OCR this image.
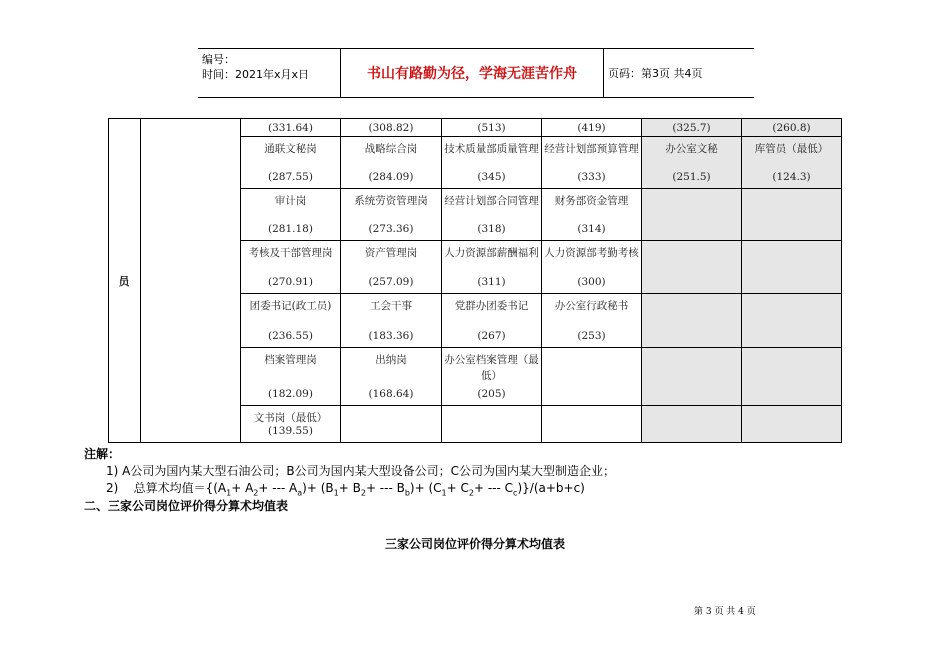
编号：
时间：2021年x月x日	书山有路勤为径，学海无涯苦作舟	页码：第3页 共4页
文书岗（最低）
(139.55)
办公室档案管理（最低）
(205)
出纳岗
(168.64)
档案管理岗
(182.09)
办公室行政秘书
(253)
党群办团委书记
(267)
工会干事
(183.36)
团委书记(政工员)
(236.55)
人力资源部考勤考核
(300)
人力资源部薪酬福利
(311)
资产管理岗
(257.09)
考核及干部管理岗
(270.91)
财务部资金管理
(314)
经营计划部合同管理
(318)
系统劳资管理岗
(273.36)
审计岗
(281.18)
库管员（最低）
(124.3)
办公室文秘
(251.5)
经营计划部预算管理
(333)
技术质量部质量管理
(345)
战略综合岗
(284.09)
通联文秘岗
(287.55)
(260.8)
(325.7)
(419)
(513)
(308.82)
(331.64)
员
注解：
1) A公司为国内某大型石油公司；B公司为国内某大型设备公司；C公司为国内某大型制造企业；
2)    总算术均值$=\{(A_1+ A_2+$ --- $A_a)+ (B_1+ B_2+$ --- $B_b)+ (C_1+ C_2+$ --- $C_c)\}/(a+b+c)$
二、三家公司岗位评价得分算术均值表
三家公司岗位评价得分算术均值表
第 3 页 共 4 页
